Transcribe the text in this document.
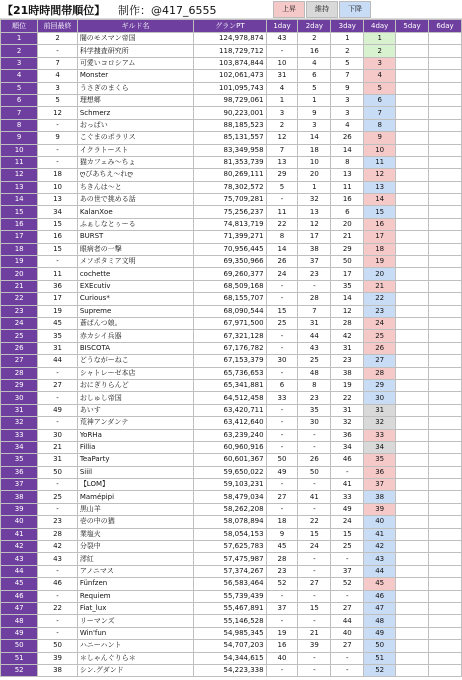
【21時時間帯順位】 制作：@417_6555	上昇	維持	下降
順位	前回最終	ギルド名	グランPT	1day	2day	3day	4day	5day	6day
1	2	闇のモスマン帝国	124,978,874	43	2	1	1		
2	-	科学捜査研究所	118,729,712	-	16	2	2		
3	7	可愛いコロシアム	103,874,844	10	4	5	3		
4	4	Monster	102,061,473	31	6	7	4		
5	3	うさぎのまくら	101,095,743	4	5	9	5		
6	5	理想郷	98,729,061	1	1	3	6		
7	12	Schmerz	90,223,001	3	9	3	7		
8	-	おっぱい	88,185,523	2	3	4	8		
9	9	こぐまのポラリス	85,131,557	12	14	26	9		
10	-	イクラトースト	83,349,958	7	18	14	10		
11	-	猫カフェみ〜ちょ	81,353,739	13	10	8	11		
12	18	ღびあちえ〜れღ	80,269,111	29	20	13	12		
13	10	ちきんは〜と	78,302,572	5	1	11	13		
14	13	あの世で挑める話	75,709,281	-	32	16	14		
15	34	KalanXoe	75,256,237	11	13	6	15		
16	15	ふぁしなとぅーる	74,813,719	22	12	20	16		
17	16	BURST	71,399,271	8	17	21	17		
18	15	眼病者の一撃	70,956,445	14	38	29	18		
19	-	メソポタミア文明	69,350,966	26	37	50	19		
20	11	cochette	69,260,377	24	23	17	20		
21	36	EXEcutiv	68,509,168	-	-	35	21		
22	17	Curious*	68,155,707	-	28	14	22		
23	19	Supreme	68,090,544	15	7	12	23		
24	45	蒼ぱんつ娘。	67,971,500	25	31	28	24		
25	35	赤カシイ兵器	67,321,128	-	44	42	25		
26	31	BISCOTA	67,176,782	-	43	31	26		
27	44	どうながーねこ	67,153,379	30	25	23	27		
28	-	シャトレーゼ本店	65,736,653	-	48	38	28		
29	27	おにぎりらんど	65,341,881	6	8	19	29		
30	-	おしゅし帝国	64,512,458	33	23	22	30		
31	49	あいす	63,420,711	-	35	31	31		
32	-	荒神アンダンテ	63,412,640	-	30	32	32		
33	30	YoRHa	63,239,240	-	-	36	33		
34	21	Fillia	60,960,916	-	-	34	34		
35	31	TeaParty	60,601,367	50	26	46	35		
36	50	Siiil	59,650,022	49	50	-	36		
37	-	【LOM】	59,103,231	-	-	41	37		
38	25	Mamépipi	58,479,034	27	41	33	38		
39	-	黒山羊	58,262,208	-	-	49	39		
40	23	壱の中の猶	58,078,894	18	22	24	40		
41	28	業塩火	58,054,153	9	15	15	41		
42	42	分裂中	57,625,783	45	24	25	42		
43	43	澪紅	57,475,987	28	-	-	43		
44	-	アノニマス	57,374,267	23	-	37	44		
45	46	Fünfzen	56,583,464	52	27	52	45		
46	-	Requiem	55,739,439	-	-	-	46		
47	22	Fiat_lux	55,467,891	37	15	27	47		
48	-	リーマンズ	55,146,528	-	-	44	48		
49	-	Win'fun	54,985,345	19	21	40	49		
50	50	ハニーハント	54,707,203	16	39	27	50		
51	39	＊しゃんぐりら＊	54,344,615	40	-	-	51		
52	38	シン.グダンド	54,223,338	-	-	-	52		
